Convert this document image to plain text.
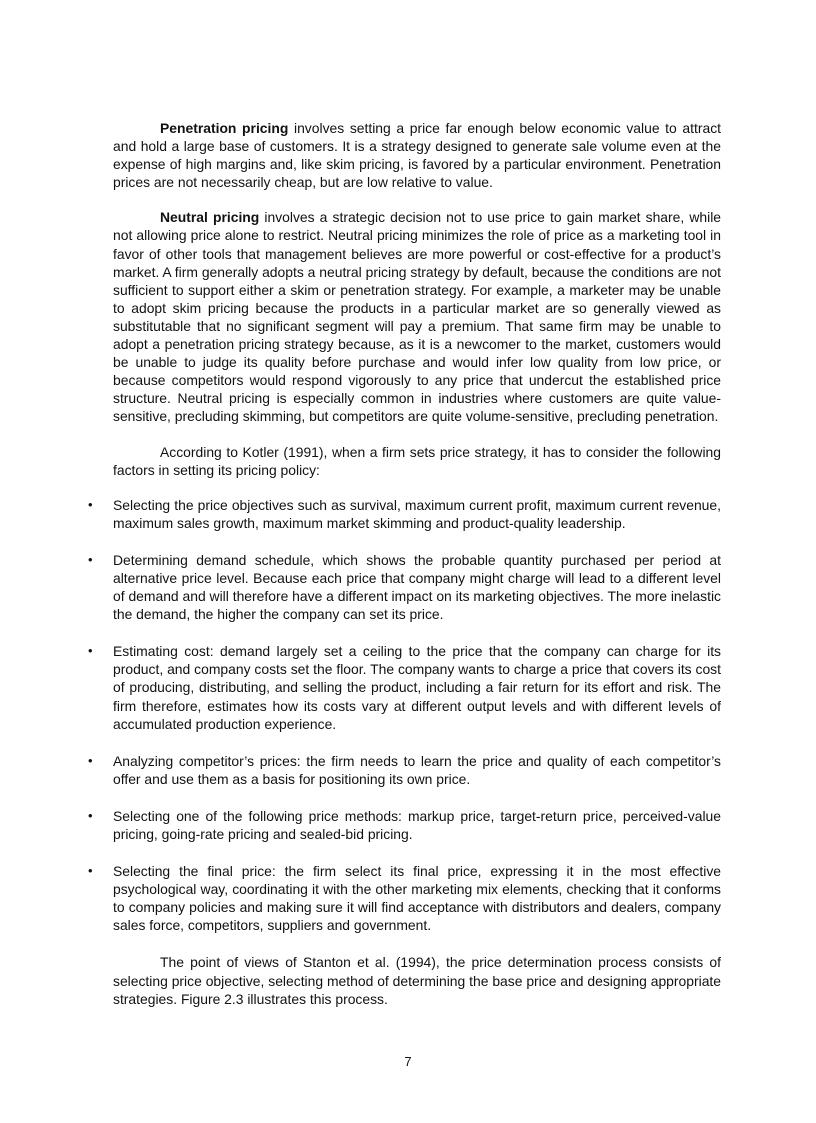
Penetration pricing involves setting a price far enough below economic value to attract and hold a large base of customers. It is a strategy designed to generate sale volume even at the expense of high margins and, like skim pricing, is favored by a particular environment. Penetration prices are not necessarily cheap, but are low relative to value.

Neutral pricing involves a strategic decision not to use price to gain market share, while not allowing price alone to restrict. Neutral pricing minimizes the role of price as a marketing tool in favor of other tools that management believes are more powerful or cost-effective for a product’s market. A firm generally adopts a neutral pricing strategy by default, because the conditions are not sufficient to support either a skim or penetration strategy. For example, a marketer may be unable to adopt skim pricing because the products in a particular market are so generally viewed as substitutable that no significant segment will pay a premium. That same firm may be unable to adopt a penetration pricing strategy because, as it is a newcomer to the market, customers would be unable to judge its quality before purchase and would infer low quality from low price, or because competitors would respond vigorously to any price that undercut the established price structure. Neutral pricing is especially common in industries where customers are quite value-sensitive, precluding skimming, but competitors are quite volume-sensitive, precluding penetration.

According to Kotler (1991), when a firm sets price strategy, it has to consider the following factors in setting its pricing policy:

• Selecting the price objectives such as survival, maximum current profit, maximum current revenue, maximum sales growth, maximum market skimming and product-quality leadership.
• Determining demand schedule, which shows the probable quantity purchased per period at alternative price level. Because each price that company might charge will lead to a different level of demand and will therefore have a different impact on its marketing objectives. The more inelastic the demand, the higher the company can set its price.
• Estimating cost: demand largely set a ceiling to the price that the company can charge for its product, and company costs set the floor. The company wants to charge a price that covers its cost of producing, distributing, and selling the product, including a fair return for its effort and risk. The firm therefore, estimates how its costs vary at different output levels and with different levels of accumulated production experience.
• Analyzing competitor’s prices: the firm needs to learn the price and quality of each competitor’s offer and use them as a basis for positioning its own price.
• Selecting one of the following price methods: markup price, target-return price, perceived-value pricing, going-rate pricing and sealed-bid pricing.
• Selecting the final price: the firm select its final price, expressing it in the most effective psychological way, coordinating it with the other marketing mix elements, checking that it conforms to company policies and making sure it will find acceptance with distributors and dealers, company sales force, competitors, suppliers and government.

The point of views of Stanton et al. (1994), the price determination process consists of selecting price objective, selecting method of determining the base price and designing appropriate strategies. Figure 2.3 illustrates this process.

7
